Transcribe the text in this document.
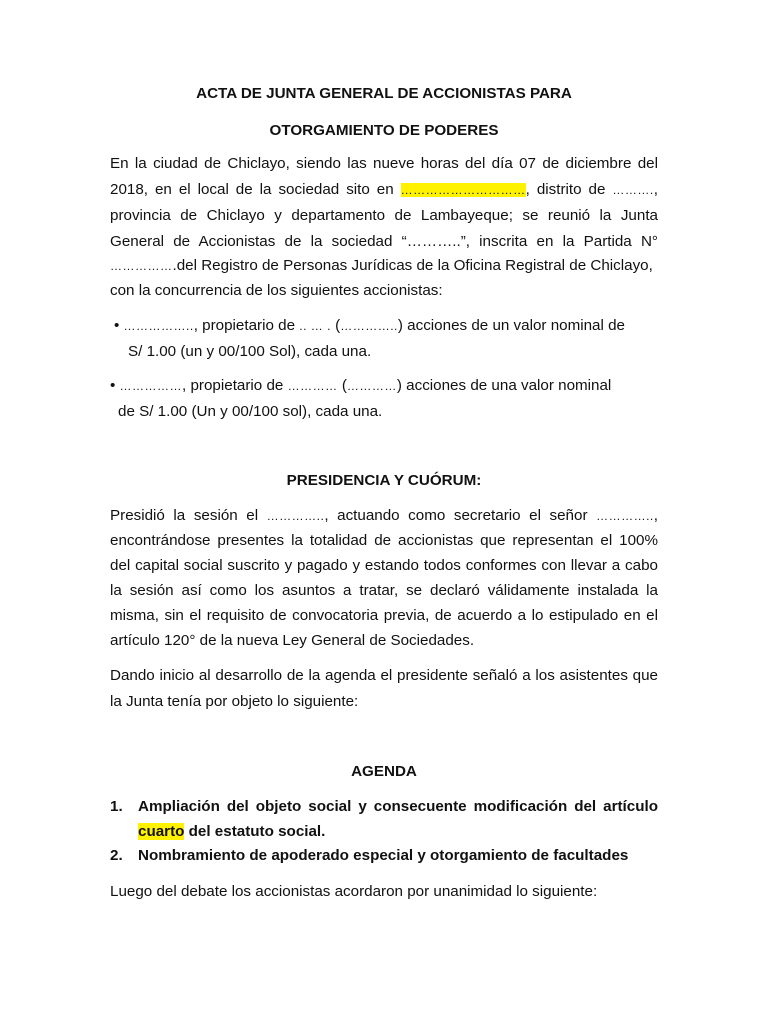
ACTA DE JUNTA GENERAL DE ACCIONISTAS PARA
OTORGAMIENTO DE PODERES
En la ciudad de Chiclayo, siendo las nueve horas del día 07 de diciembre del
2018, en el local de la sociedad sito en …………………………, distrito de ……….,
provincia de Chiclayo y departamento de Lambayeque; se reunió la Junta
General de Accionistas de la sociedad “………..”, inscrita en la Partida N°
…………….del Registro de Personas Jurídicas de la Oficina Registral de Chiclayo,
con la concurrencia de los siguientes accionistas:
• …………….., propietario de .. … . (…………..) acciones de un valor nominal de
S/ 1.00 (un y 00/100 Sol), cada una.
• ……………, propietario de ………… (…………) acciones de una valor nominal
de S/ 1.00 (Un y 00/100 sol), cada una.
PRESIDENCIA Y CUÓRUM:
Presidió la sesión el ………….., actuando como secretario el señor …………..,
encontrándose presentes la totalidad de accionistas que representan el 100%
del capital social suscrito y pagado y estando todos conformes con llevar a cabo
la sesión así como los asuntos a tratar, se declaró válidamente instalada la
misma, sin el requisito de convocatoria previa, de acuerdo a lo estipulado en el
artículo 120° de la nueva Ley General de Sociedades.
Dando inicio al desarrollo de la agenda el presidente señaló a los asistentes que
la Junta tenía por objeto lo siguiente:
AGENDA
1. Ampliación del objeto social y consecuente modificación del artículo
cuarto del estatuto social.
2. Nombramiento de apoderado especial y otorgamiento de facultades
Luego del debate los accionistas acordaron por unanimidad lo siguiente:
